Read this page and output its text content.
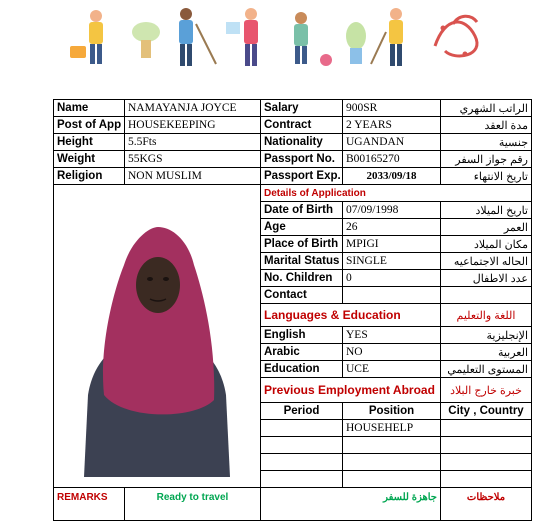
Name	NAMAYANJA JOYCE	Salary	900SR	الراتب الشهري
Post of App	HOUSEKEEPING	Contract	2 YEARS	مدة العقد
Height	5.5Fts	Nationality	UGANDAN	جنسية
Weight	55KGS	Passport No.	B00165270	رقم جواز السفر
Religion	NON MUSLIM	Passport Exp.	2033/09/18	تاريخ الانتهاء

	Details of Application		
		Date of Birth	07/09/1998	تاريخ الميلاد
		Age	26	العمر
		Place of Birth	MPIGI	مكان الميلاد
		Marital Status	SINGLE	الحاله الاجتماعيه
		No. Children	0	عدد الاطفال
		Contact		
		Languages & Education		اللغة والتعليم
		English	YES	الإنجليزية
		Arabic	NO	العربية
		Education	UCE	المستوى التعليمي
		Previous Employment Abroad		خبرة خارج البلاد
		Period	Position	City , Country
			HOUSEHELP	

REMARKS	Ready to travel	جاهزة للسفر		ملاحظات
